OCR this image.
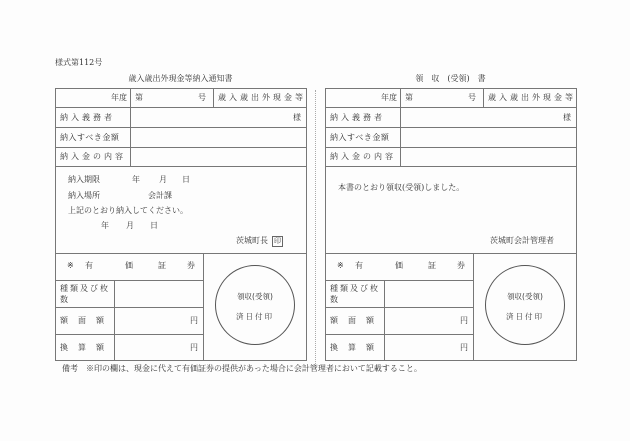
様式第112号
歳入歳出外現金等納入通知書
年度 第	号 歳入歳出外現金等
納入義務者	様
納入すべき金額
納入金の内容
納入期限	年 月 日
納入場所	会計課
上記のとおり納入してください。
年 月 日
茨城町長 印
※ 有	価	証	券
種類及び枚数
額面額	円
換算額	円
領収(受領)
済日付印
領　収　(受領)　書
年度 第	号 歳入歳出外現金等
納入義務者	様
納入すべき金額
納入金の内容
本書のとおり領収(受領)しました。
茨城町会計管理者
※ 有	価	証	券
種類及び枚数
額面額	円
換算額	円
領収(受領)
済日付印
備考　※印の欄は、現金に代えて有価証券の提供があった場合に会計管理者において記載すること。
